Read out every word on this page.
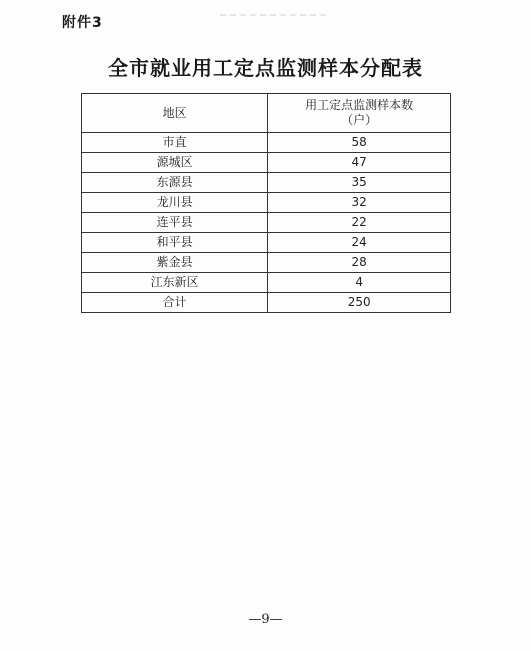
附件3
全市就业用工定点监测样本分配表
地区	用工定点监测样本数
（户）

市直	58
源城区	47
东源县	35
龙川县	32
连平县	22
和平县	24
紫金县	28
江东新区	4
合计	250
—9—
